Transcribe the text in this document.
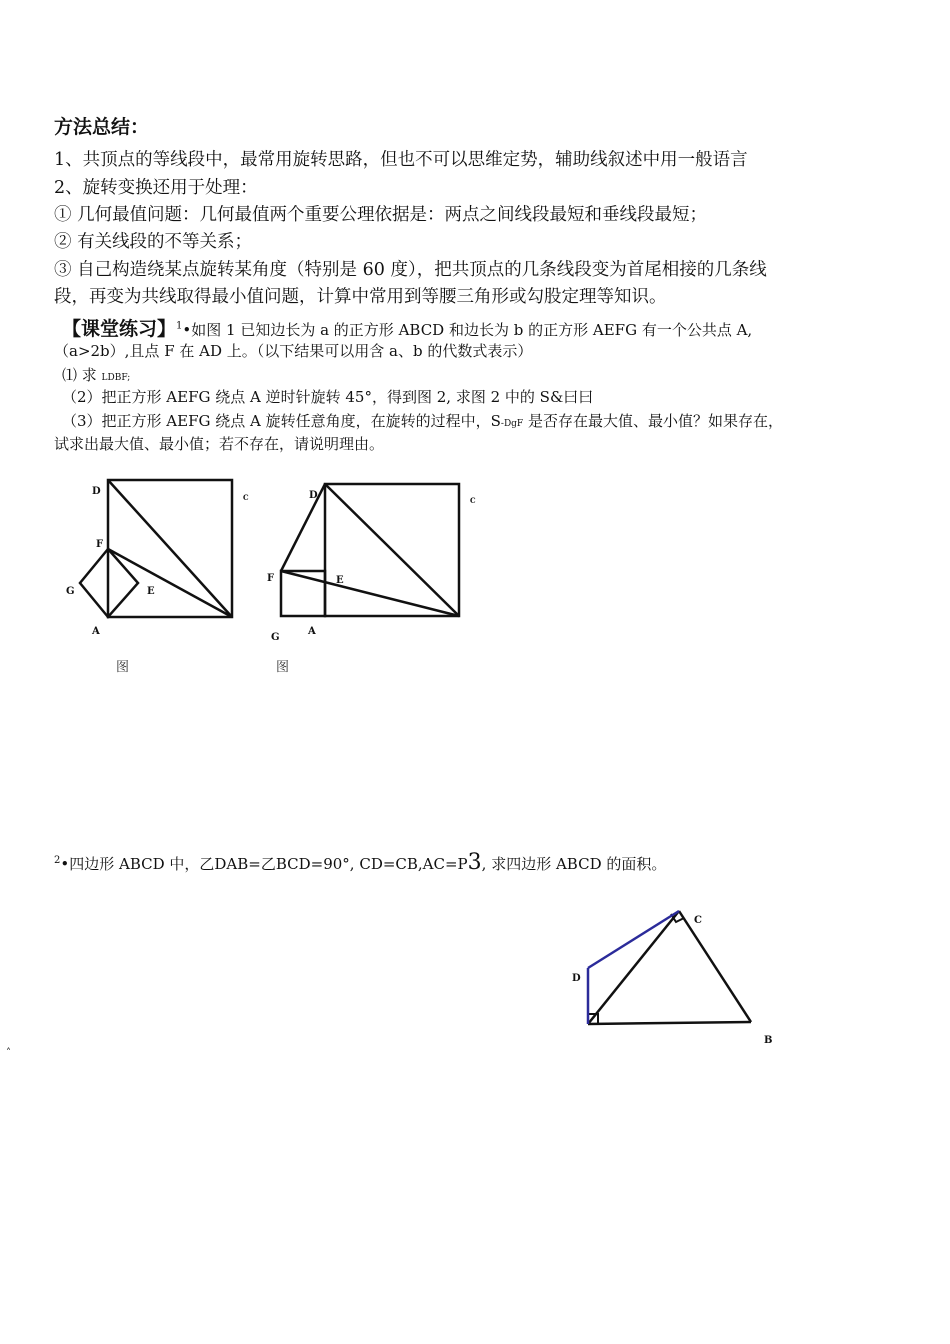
方法总结：
1、共顶点的等线段中，最常用旋转思路，但也不可以思维定势，辅助线叙述中用一般语言
2、旋转变换还用于处理：
① 几何最值问题：几何最值两个重要公理依据是：两点之间线段最短和垂线段最短；
② 有关线段的不等关系；
③ 自己构造绕某点旋转某角度（特别是 60 度），把共顶点的几条线段变为首尾相接的几条线
段，再变为共线取得最小值问题，计算中常用到等腰三角形或勾股定理等知识。
【课堂练习】$^1$•如图 1 已知边长为 a 的正方形 ABCD 和边长为 b 的正方形 AEFG 有一个公共点 A,
（a>2b）,且点 F 在 AD 上。（以下结果可以用含 a、b 的代数式表示）
⑴ 求 LDBF;
（2）把正方形 AEFG 绕点 A 逆时针旋转 45°，得到图 2, 求图 2 中的 S&曰曰
（3）把正方形 AEFG 绕点 A 旋转任意角度，在旋转的过程中，S-DgF 是否存在最大值、最小值？如果存在，
试求出最大值、最小值；若不存在，请说明理由。
D
C
F
G	E
A
图
D	C
F	E
G
A
图
$^2$•四边形 ABCD 中，乙DAB=乙BCD=90°, CD=CB,AC=P3, 求四边形 ABCD 的面积。
C
D
B
˄
